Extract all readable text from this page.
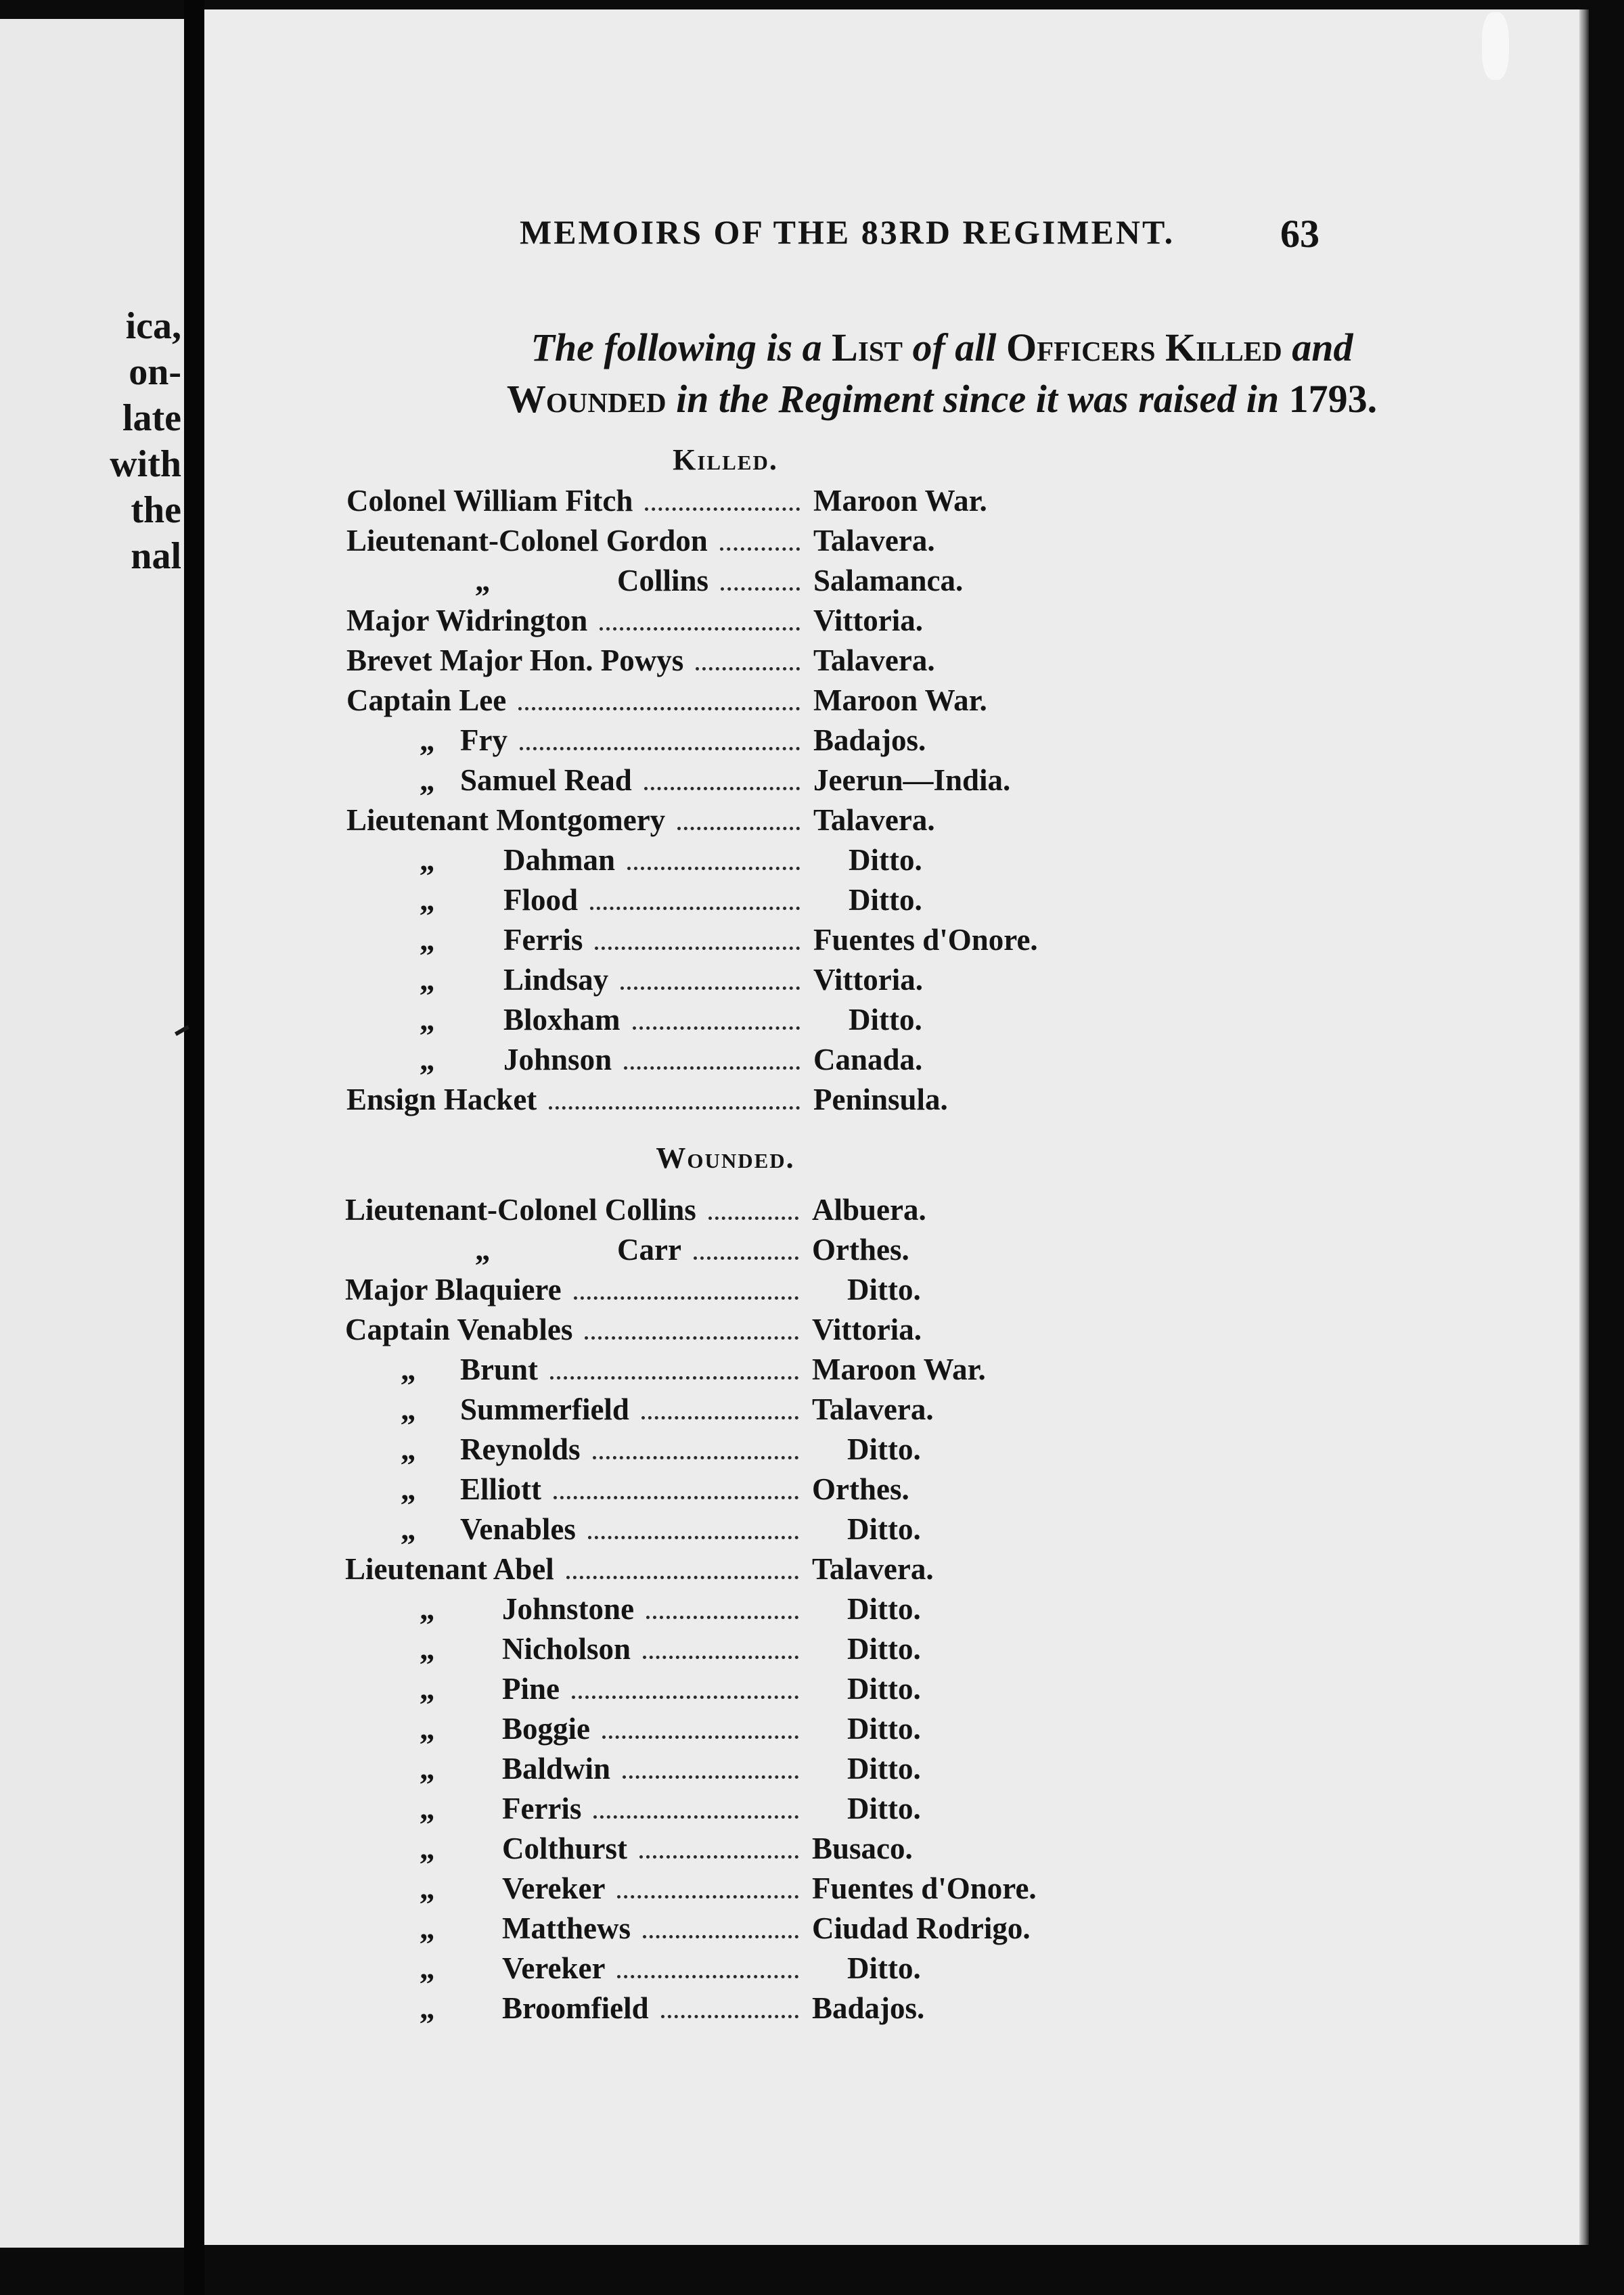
ica,
on-
late
with
the
nal
MEMOIRS OF THE 83RD REGIMENT.	63
The following is a List of all Officers Killed and
Wounded in the Regiment since it was raised in 1793.
Killed.
Colonel William Fitch	Maroon War.
Lieutenant-Colonel Gordon	Talavera.
„	Collins	Salamanca.
Major Widrington	Vittoria.
Brevet Major Hon. Powys	Talavera.
Captain Lee	Maroon War.
„ Fry	Badajos.
„ Samuel Read	Jeerun—India.
Lieutenant Montgomery	Talavera.
„ Dahman	Ditto.
„ Flood	Ditto.
„ Ferris	Fuentes d'Onore.
„ Lindsay	Vittoria.
„ Bloxham	Ditto.
„ Johnson	Canada.
Ensign Hacket	Peninsula.
Wounded.
Lieutenant-Colonel Collins	Albuera.
„	Carr	Orthes.
Major Blaquiere	Ditto.
Captain Venables	Vittoria.
„ Brunt	Maroon War.
„ Summerfield	Talavera.
„ Reynolds	Ditto.
„ Elliott	Orthes.
„ Venables	Ditto.
Lieutenant Abel	Talavera.
„ Johnstone	Ditto.
„ Nicholson	Ditto.
„ Pine	Ditto.
„ Boggie	Ditto.
„ Baldwin	Ditto.
„ Ferris	Ditto.
„ Colthurst	Busaco.
„ Vereker	Fuentes d'Onore.
„ Matthews	Ciudad Rodrigo.
„ Vereker	Ditto.
„ Broomfield	Badajos.
